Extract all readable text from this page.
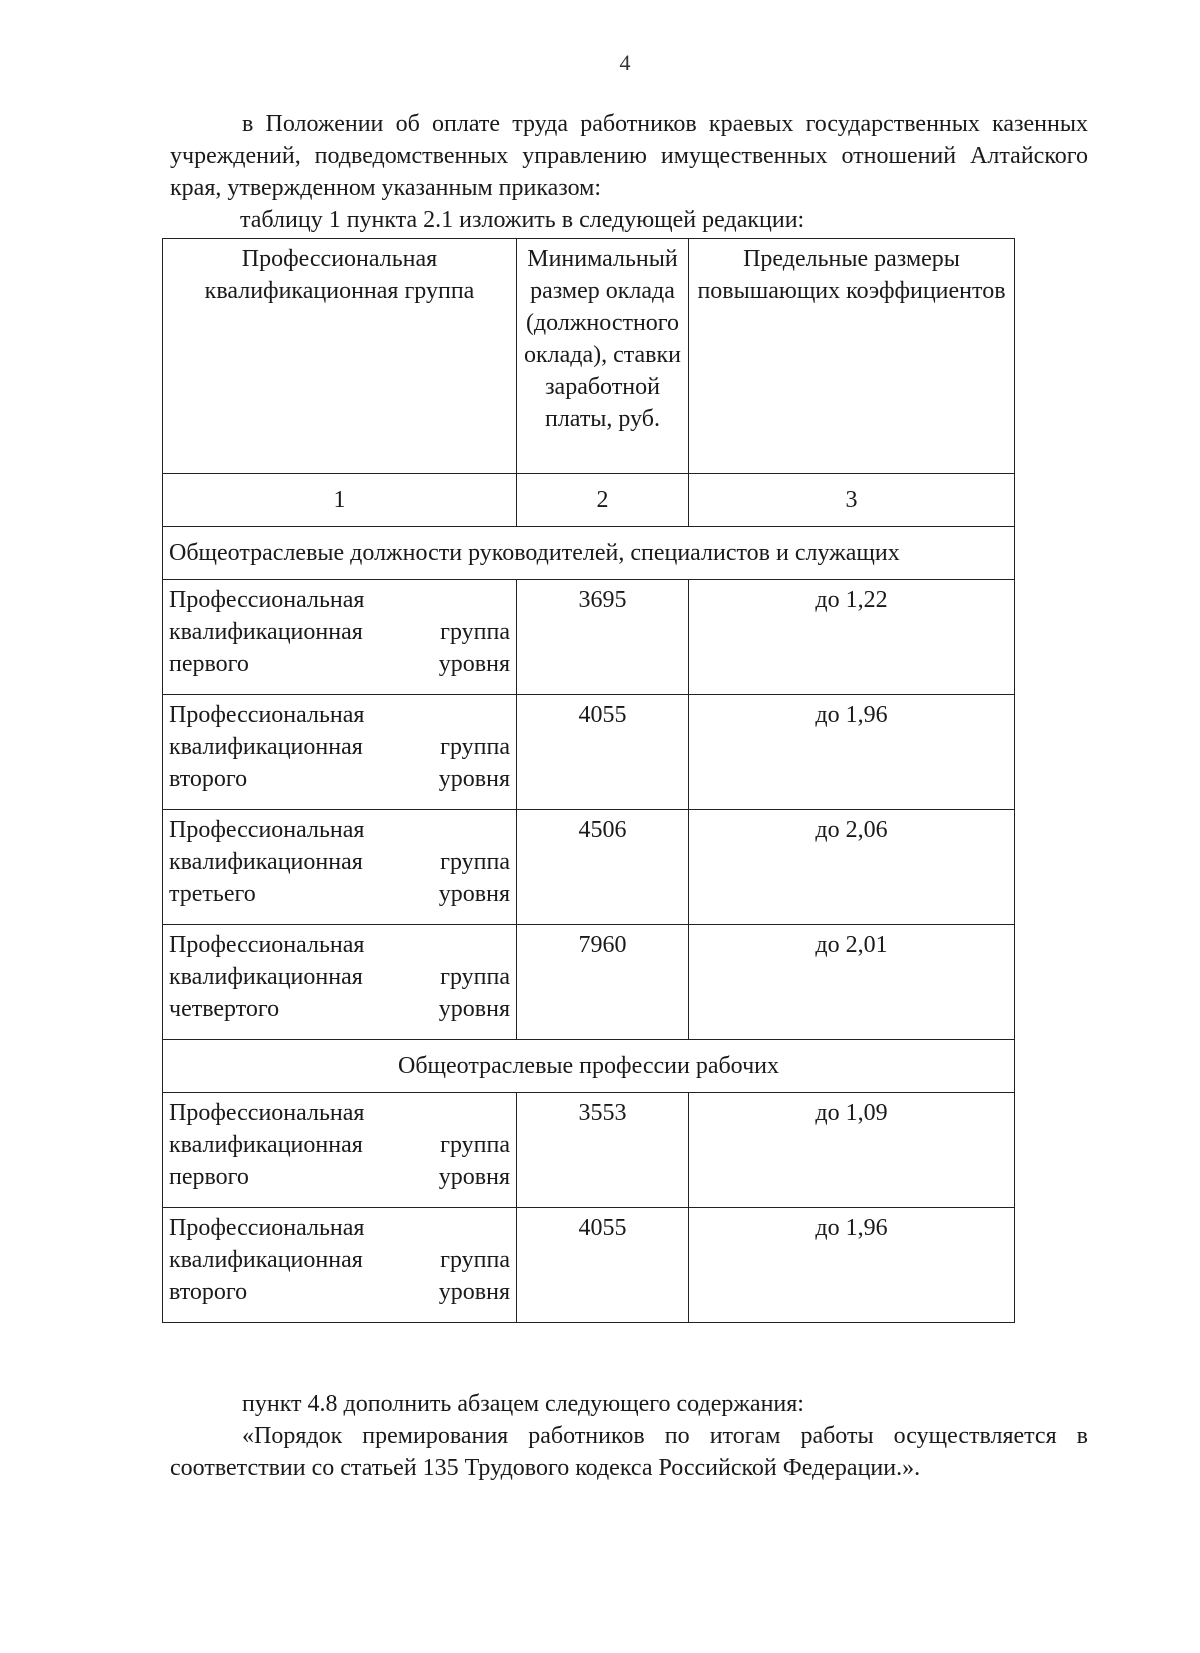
4

в Положении об оплате труда работников краевых государственных казенных учреждений, подведомственных управлению имущественных отношений Алтайского края, утвержденном указанным приказом:

таблицу 1 пункта 2.1 изложить в следующей редакции:
Профессиональная квалификационная группа	Минимальный размер оклада (должностного оклада), ставки заработной платы, руб.	Предельные размеры повышающих коэффициентов
1	2	3
Общеотраслевые должности руководителей, специалистов и служащих		
Профессиональная квалификационная группа первого уровня	3695	до 1,22
Профессиональная квалификационная группа второго уровня	4055	до 1,96
Профессиональная квалификационная группа третьего уровня	4506	до 2,06
Профессиональная квалификационная группа четвертого уровня	7960	до 2,01
Общеотраслевые профессии рабочих		
Профессиональная квалификационная группа первого уровня	3553	до 1,09
Профессиональная квалификационная группа второго уровня	4055	до 1,96

пункт 4.8 дополнить абзацем следующего содержания:

«Порядок премирования работников по итогам работы осуществляется в соответствии со статьей 135 Трудового кодекса Российской Федерации.».
